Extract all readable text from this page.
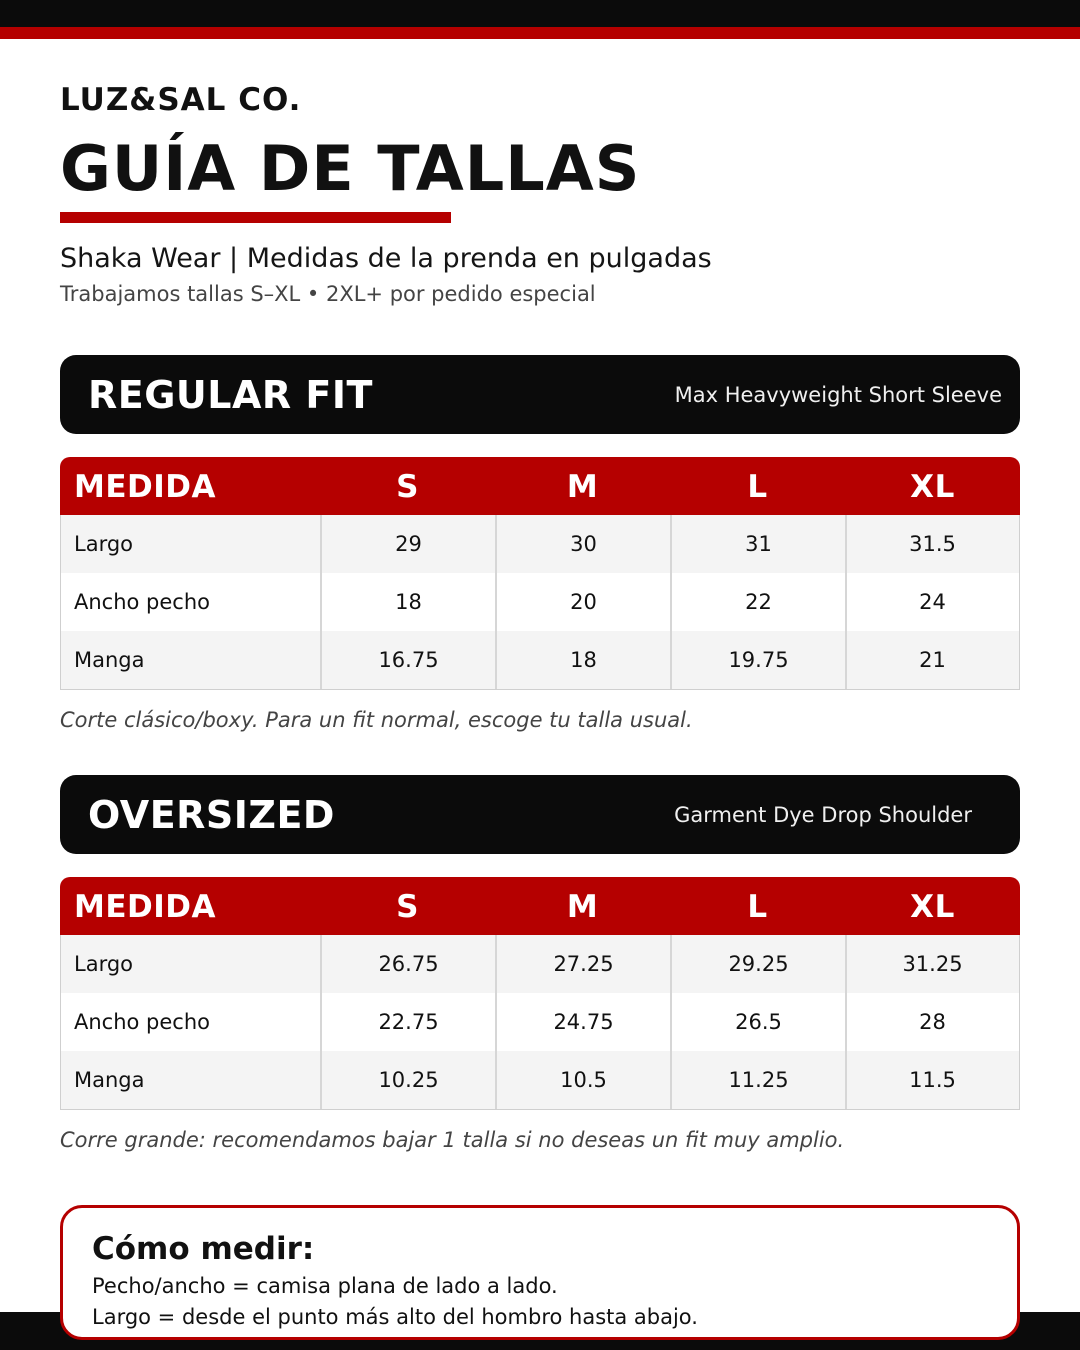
LUZ&SAL CO.
GUÍA DE TALLAS
Shaka Wear | Medidas de la prenda en pulgadas
Trabajamos tallas S–XL • 2XL+ por pedido especial
REGULAR FIT	Max Heavyweight Short Sleeve
MEDIDA	S	M	L	XL
Largo	29	30	31	31.5
Ancho pecho	18	20	22	24
Manga	16.75	18	19.75	21
Corte clásico/boxy. Para un fit normal, escoge tu talla usual.
OVERSIZED	Garment Dye Drop Shoulder
MEDIDA	S	M	L	XL
Largo	26.75	27.25	29.25	31.25
Ancho pecho	22.75	24.75	26.5	28
Manga	10.25	10.5	11.25	11.5
Corre grande: recomendamos bajar 1 talla si no deseas un fit muy amplio.
Cómo medir:
Pecho/ancho = camisa plana de lado a lado.
Largo = desde el punto más alto del hombro hasta abajo.
